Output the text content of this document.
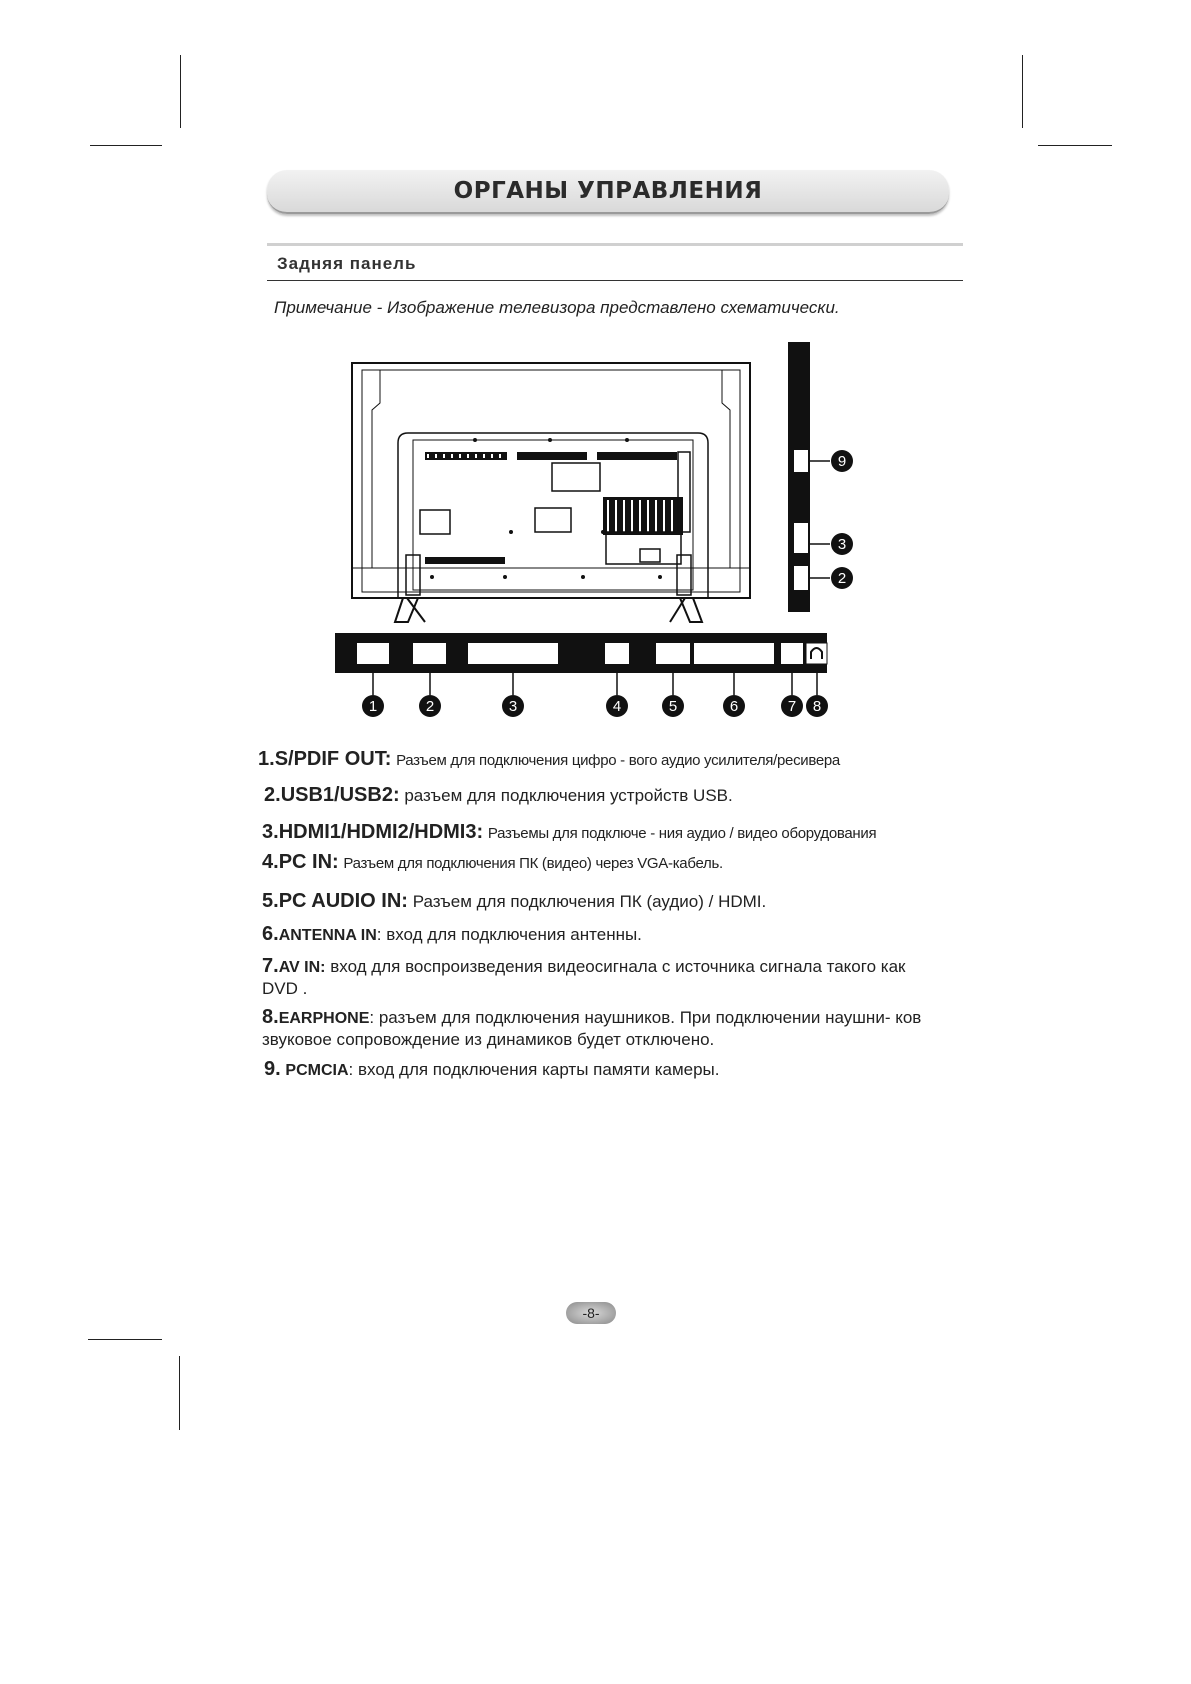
ОРГАНЫ УПРАВЛЕНИЯ
Задняя панель
Примечание - Изображение телевизора представлено схематически.
9
3
2
1	2	3	4	5	6	7 8
1.S/PDIF OUT: Разъем для подключения цифро - вого аудио усилителя/ресивера
2.USB1/USB2: разъем для подключения устройств USB.
3.HDMI1/HDMI2/HDMI3: Разъемы для подключе - ния аудио / видео оборудования
4.PC IN: Разъем для подключения ПК (видео) через VGA-кабель.
5.PC AUDIO IN: Разъем для подключения ПК (аудио) / HDMI.
6.ANTENNA IN: вход для подключения антенны.
7.AV IN: вход для воспроизведения видеосигнала с источника сигнала такого как DVD .
8.EARPHONE: разъем для подключения наушников. При подключении наушни- ков звуковое сопровождение из динамиков будет отключено.
9. PCMCIA: вход для подключения карты памяти камеры.
-8-
